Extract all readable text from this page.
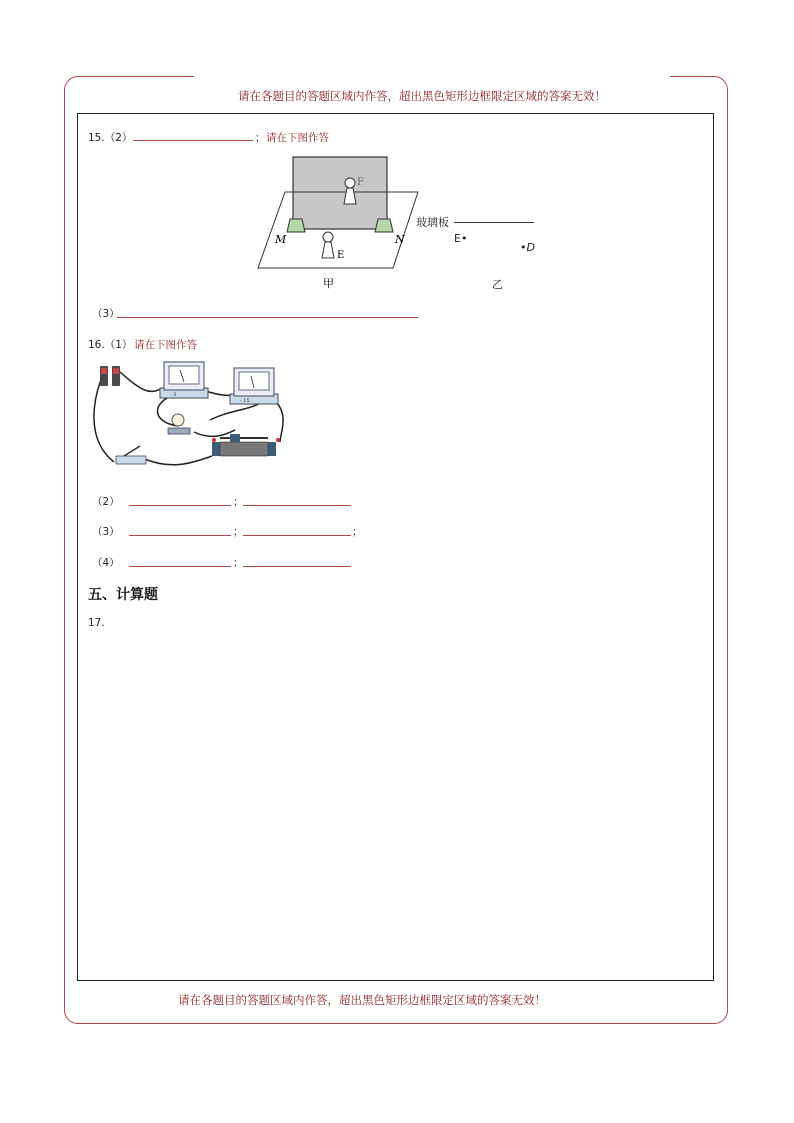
请在各题目的答题区域内作答，超出黑色矩形边框限定区域的答案无效！
15.（2）	； 请在下图作答
F
M	N
E
甲
玻璃板
E•
•D
乙
（3）
16.（1） 请在下图作答
- 3
- 15
（2）	；
（3）	；	；
（4）	；
五、计算题
17.
请在各题目的答题区域内作答，超出黑色矩形边框限定区域的答案无效！
